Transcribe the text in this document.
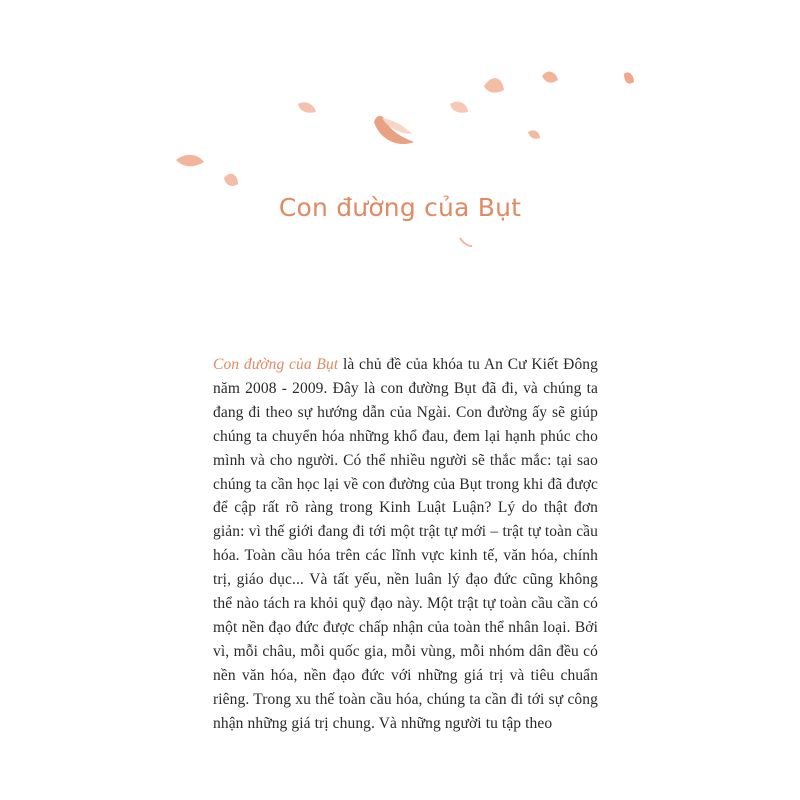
Con đường của Bụt

Con đường của Bụt là chủ đề của khóa tu An Cư Kiết Đông năm 2008 - 2009. Đây là con đường Bụt đã đi, và chúng ta đang đi theo sự hướng dẫn của Ngài. Con đường ấy sẽ giúp chúng ta chuyển hóa những khổ đau, đem lại hạnh phúc cho mình và cho người. Có thể nhiều người sẽ thắc mắc: tại sao chúng ta cần học lại về con đường của Bụt trong khi đã được để cập rất rõ ràng trong Kinh Luật Luận? Lý do thật đơn giản: vì thế giới đang đi tới một trật tự mới – trật tự toàn cầu hóa. Toàn cầu hóa trên các lĩnh vực kinh tế, văn hóa, chính trị, giáo dục... Và tất yếu, nền luân lý đạo đức cũng không thể nào tách ra khỏi quỹ đạo này. Một trật tự toàn cầu cần có một nền đạo đức được chấp nhận của toàn thể nhân loại. Bởi vì, mỗi châu, mỗi quốc gia, mỗi vùng, mỗi nhóm dân đều có nền văn hóa, nền đạo đức với những giá trị và tiêu chuẩn riêng. Trong xu thế toàn cầu hóa, chúng ta cần đi tới sự công nhận những giá trị chung. Và những người tu tập theo
